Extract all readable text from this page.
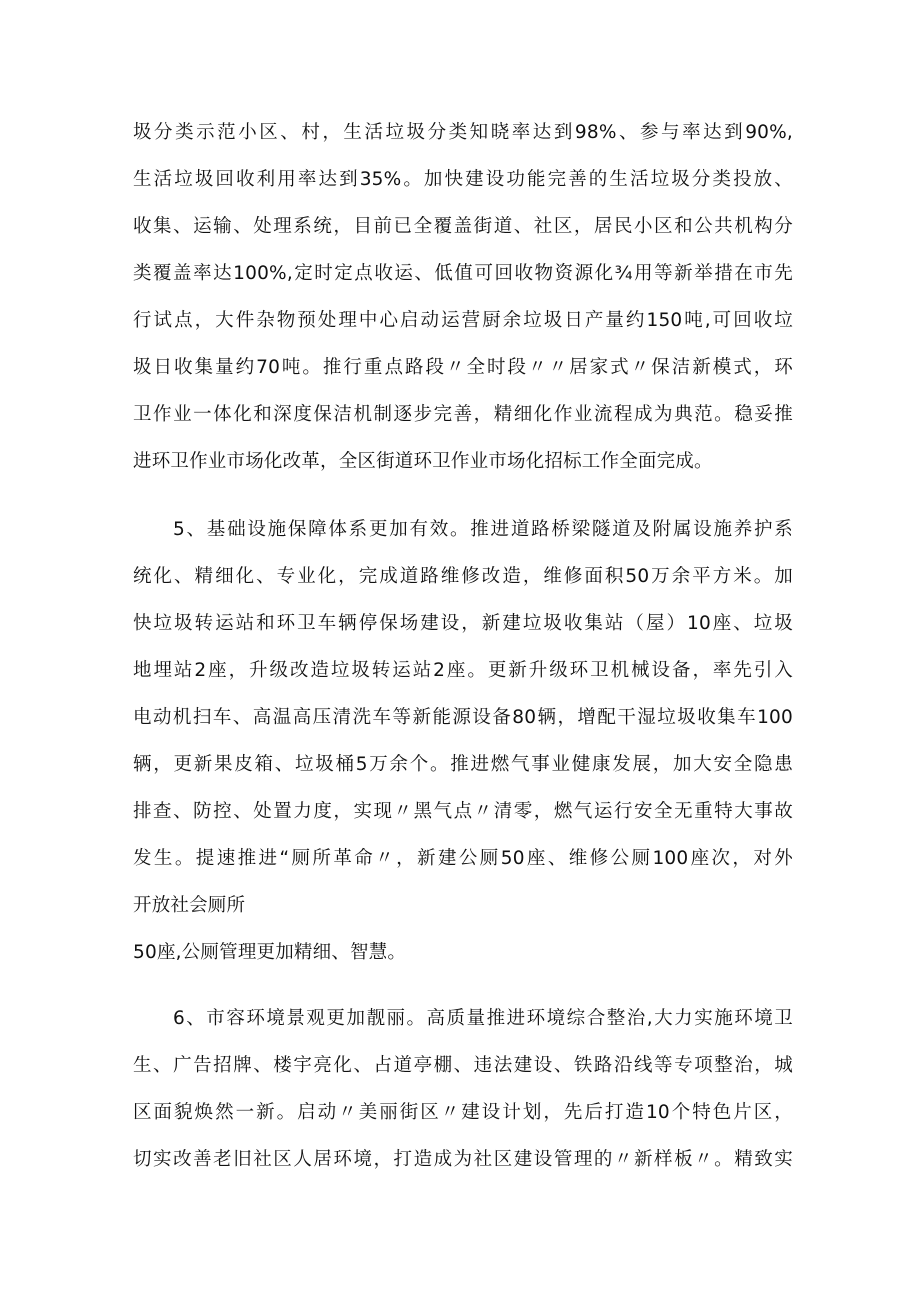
圾分类示范小区、村，生活垃圾分类知晓率达到98%、参与率达到90%,
生活垃圾回收利用率达到35%。加快建设功能完善的生活垃圾分类投放、
收集、运输、处理系统，目前已全覆盖街道、社区，居民小区和公共机构分
类覆盖率达100%,定时定点收运、低值可回收物资源化¾用等新举措在市先
行试点，大件杂物预处理中心启动运营厨余垃圾日产量约150吨,可回收垃
圾日收集量约70吨。推行重点路段〃全时段〃〃居家式〃保洁新模式，环
卫作业一体化和深度保洁机制逐步完善，精细化作业流程成为典范。稳妥推
进环卫作业市场化改革，全区街道环卫作业市场化招标工作全面完成。
5、基础设施保障体系更加有效。推进道路桥梁隧道及附属设施养护系
统化、精细化、专业化，完成道路维修改造，维修面积50万余平方米。加
快垃圾转运站和环卫车辆停保场建设，新建垃圾收集站（屋）10座、垃圾
地埋站2座，升级改造垃圾转运站2座。更新升级环卫机械设备，率先引入
电动机扫车、高温高压清洗车等新能源设备80辆，增配干湿垃圾收集车100
辆，更新果皮箱、垃圾桶5万余个。推进燃气事业健康发展，加大安全隐患
排查、防控、处置力度，实现〃黑气点〃清零，燃气运行安全无重特大事故
发生。提速推进“厕所革命〃，新建公厕50座、维修公厕100座次，对外
开放社会厕所
50座,公厕管理更加精细、智慧。
6、市容环境景观更加靓丽。高质量推进环境综合整治,大力实施环境卫
生、广告招牌、楼宇亮化、占道亭棚、违法建设、铁路沿线等专项整治，城
区面貌焕然一新。启动〃美丽街区〃建设计划，先后打造10个特色片区，
切实改善老旧社区人居环境，打造成为社区建设管理的〃新样板〃。精致实
